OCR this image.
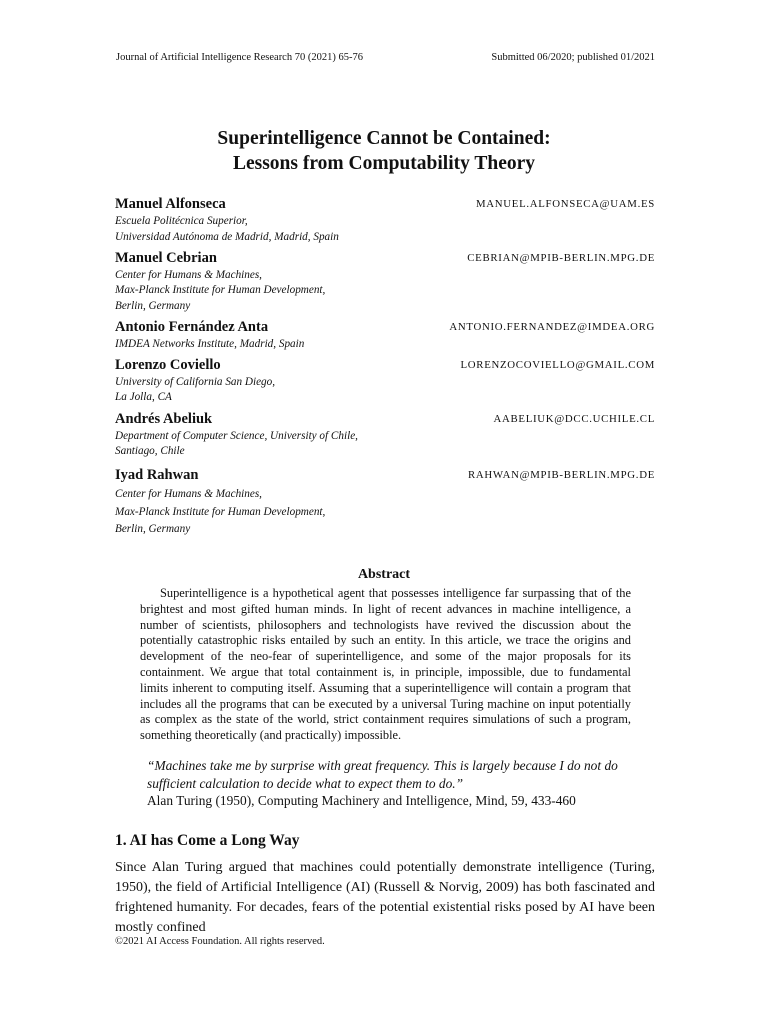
Journal of Artificial Intelligence Research 70 (2021) 65-76	Submitted 06/2020; published 01/2021
Superintelligence Cannot be Contained:
Lessons from Computability Theory
Manuel Alfonseca	MANUEL.ALFONSECA@UAM.ES
Escuela Politécnica Superior,
Universidad Autónoma de Madrid, Madrid, Spain
Manuel Cebrian	CEBRIAN@MPIB-BERLIN.MPG.DE
Center for Humans & Machines,
Max-Planck Institute for Human Development,
Berlin, Germany
Antonio Fernández Anta	ANTONIO.FERNANDEZ@IMDEA.ORG
IMDEA Networks Institute, Madrid, Spain
Lorenzo Coviello	LORENZOCOVIELLO@GMAIL.COM
University of California San Diego,
La Jolla, CA
Andrés Abeliuk	AABELIUK@DCC.UCHILE.CL
Department of Computer Science, University of Chile,
Santiago, Chile
Iyad Rahwan	RAHWAN@MPIB-BERLIN.MPG.DE
Center for Humans & Machines,
Max-Planck Institute for Human Development,
Berlin, Germany
Abstract
Superintelligence is a hypothetical agent that possesses intelligence far surpassing that of the brightest and most gifted human minds. In light of recent advances in machine intelligence, a number of scientists, philosophers and technologists have revived the discussion about the potentially catastrophic risks entailed by such an entity. In this article, we trace the origins and development of the neo-fear of superintelligence, and some of the major proposals for its containment. We argue that total containment is, in principle, impossible, due to fundamental limits inherent to computing itself. Assuming that a superintelligence will contain a program that includes all the programs that can be executed by a universal Turing machine on input potentially as complex as the state of the world, strict containment requires simulations of such a program, something theoretically (and practically) impossible.
“Machines take me by surprise with great frequency. This is largely because I do not do sufficient calculation to decide what to expect them to do.”
Alan Turing (1950), Computing Machinery and Intelligence, Mind, 59, 433-460
1. AI has Come a Long Way
Since Alan Turing argued that machines could potentially demonstrate intelligence (Turing, 1950), the field of Artificial Intelligence (AI) (Russell & Norvig, 2009) has both fascinated and frightened humanity. For decades, fears of the potential existential risks posed by AI have been mostly confined
©2021 AI Access Foundation. All rights reserved.
